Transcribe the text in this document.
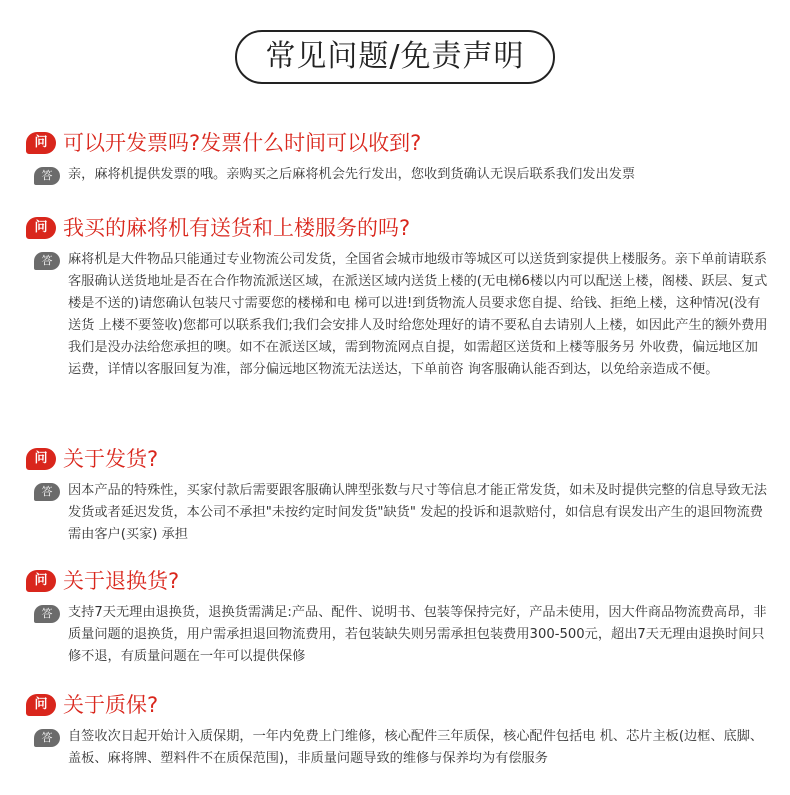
常见问题/免责声明
问 可以开发票吗?发票什么时间可以收到?
答	亲，麻将机提供发票的哦。亲购买之后麻将机会先行发出，您收到货确认无误后联系我们发出发票
问 我买的麻将机有送货和上楼服务的吗?
答	麻将机是大件物品只能通过专业物流公司发货，全国省会城市地级市等城区可以送货到家提供上楼服务。亲下单前请联系客服确认送货地址是否在合作物流派送区域，在派送区域内送货上楼的(无电梯6楼以内可以配送上楼，阁楼、跃层、复式楼是不送的)请您确认包装尺寸需要您的楼梯和电 梯可以进!到货物流人员要求您自提、给钱、拒绝上楼，这种情况(没有送货 上楼不要签收)您都可以联系我们;我们会安排人及时给您处理好的请不要私自去请别人上楼，如因此产生的额外费用我们是没办法给您承担的噢。如不在派送区域，需到物流网点自提，如需超区送货和上楼等服务另 外收费，偏远地区加运费，详情以客服回复为准，部分偏远地区物流无法送达，下单前咨 询客服确认能否到达，以免给亲造成不便。
问 关于发货?
答	因本产品的特殊性，买家付款后需要跟客服确认牌型张数与尺寸等信息才能正常发货，如未及时提供完整的信息导致无法发货或者延迟发货，本公司不承担"未按约定时间发货"缺货" 发起的投诉和退款赔付，如信息有误发出产生的退回物流费需由客户(买家) 承担
问 关于退换货?
答	支持7天无理由退换货，退换货需满足:产品、配件、说明书、包装等保持完好，产品未使用，因大件商品物流费高昂，非质量问题的退换货，用户需承担退回物流费用，若包装缺失则另需承担包装费用300-500元，超出7天无理由退换时间只修不退，有质量问题在一年可以提供保修
问 关于质保?
答	自签收次日起开始计入质保期，一年内免费上门维修，核心配件三年质保，核心配件包括电 机、芯片主板(边框、底脚、盖板、麻将牌、塑料件不在质保范围)，非质量问题导致的维修与保养均为有偿服务
